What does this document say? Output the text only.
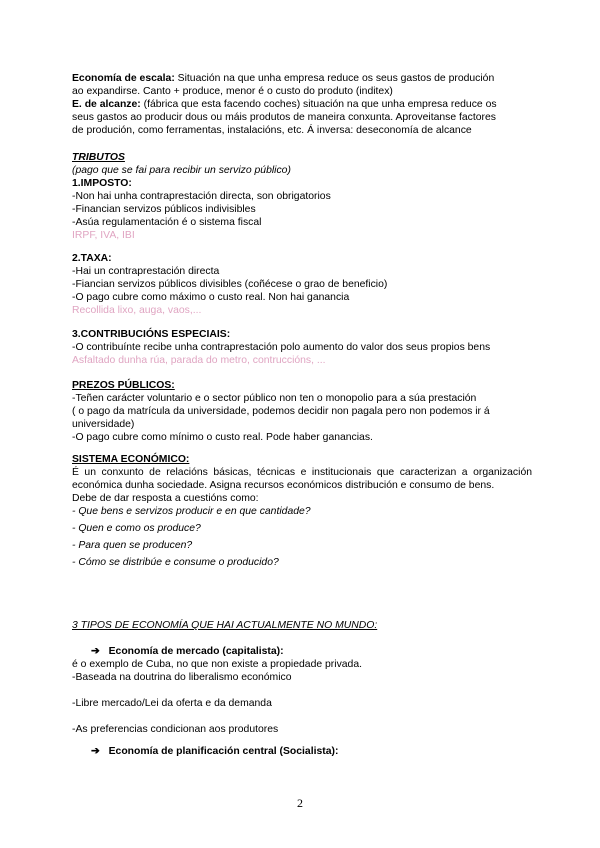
Economía de escala: Situación na que unha empresa reduce os seus gastos de produción
ao expandirse. Canto + produce, menor é o custo do produto (inditex)
E. de alcanze: (fábrica que esta facendo coches) situación na que unha empresa reduce os
seus gastos ao producir dous ou máis produtos de maneira conxunta. Aproveitanse factores
de produción, como ferramentas, instalacións, etc. Á inversa: deseconomía de alcance
TRIBUTOS
(pago que se fai para recibir un servizo público)
1.IMPOSTO:
-Non hai unha contraprestación directa, son obrigatorios
-Financian servizos públicos indivisibles
-Asúa regulamentación é o sistema fiscal
IRPF, IVA, IBI
2.TAXA:
-Hai un contraprestación directa
-Fiancian servizos públicos divisibles (coñécese o grao de beneficio)
-O pago cubre como máximo o custo real. Non hai ganancia
Recollida lixo, auga, vaos,...
3.CONTRIBUCIÓNS ESPECIAIS:
-O contribuínte recibe unha contraprestación polo aumento do valor dos seus propios bens
Asfaltado dunha rúa, parada do metro, contruccións, ...
PREZOS PÚBLICOS:
-Teñen carácter voluntario e o sector público non ten o monopolio para a súa prestación
( o pago da matrícula da universidade, podemos decidir non pagala pero non podemos ir á
universidade)
-O pago cubre como mínimo o custo real. Pode haber ganancias.
SISTEMA ECONÓMICO:
É un conxunto de relacións básicas, técnicas e institucionais que caracterizan a organización económica dunha sociedade. Asigna recursos económicos distribución e consumo de bens.
Debe de dar resposta a cuestións como:
- Que bens e servizos producir e en que cantidade?
- Quen e como os produce?
- Para quen se producen?
- Cómo se distribúe e consume o producido?
3 TIPOS DE ECONOMÍA QUE HAI ACTUALMENTE NO MUNDO:
➔ Economía de mercado (capitalista):
é o exemplo de Cuba, no que non existe a propiedade privada.
-Baseada na doutrina do liberalismo económico
-Libre mercado/Lei da oferta e da demanda
-As preferencias condicionan aos produtores
➔ Economía de planificación central (Socialista):
2
